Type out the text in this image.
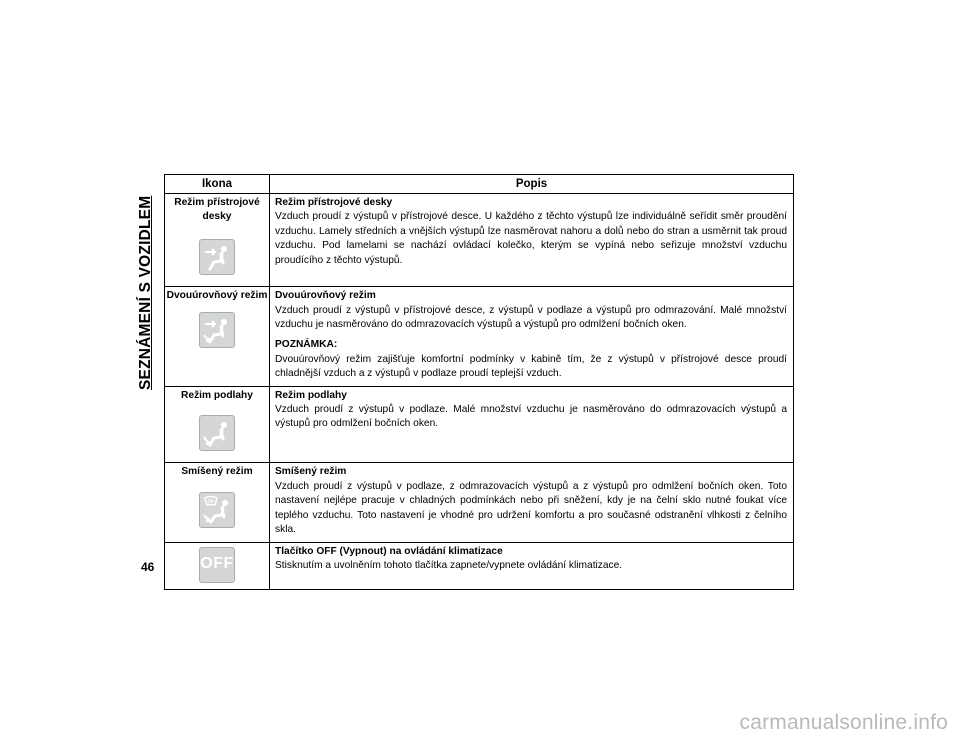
SEZNÁMENÍ S VOZIDLEM
Ikona	Popis

Režim přístrojové desky	Režim přístrojové desky
Vzduch proudí z výstupů v přístrojové desce. U každého z těchto výstupů lze individuálně seřídit směr proudění vzduchu. Lamely středních a vnějších výstupů lze nasměrovat nahoru a dolů nebo do stran a usměrnit tak proud vzduchu. Pod lamelami se nachází ovládací kolečko, kterým se vypíná nebo seřizuje množství vzduchu proudícího z těchto výstupů.

Dvouúrovňový režim	Dvouúrovňový režim
Vzduch proudí z výstupů v přístrojové desce, z výstupů v podlaze a výstupů pro odmrazování. Malé množství vzduchu je nasměrováno do odmrazovacích výstupů a výstupů pro odmlžení bočních oken.
POZNÁMKA:
Dvouúrovňový režim zajišťuje komfortní podmínky v kabině tím, že z výstupů v přístrojové desce proudí chladnější vzduch a z výstupů v podlaze proudí teplejší vzduch.

Režim podlahy	Režim podlahy
Vzduch proudí z výstupů v podlaze. Malé množství vzduchu je nasměrováno do odmrazovacích výstupů a výstupů pro odmlžení bočních oken.

Smíšený režim	Smíšený režim
Vzduch proudí z výstupů v podlaze, z odmrazovacích výstupů a z výstupů pro odmlžení bočních oken. Toto nastavení nejlépe pracuje v chladných podmínkách nebo při sněžení, kdy je na čelní sklo nutné foukat více teplého vzduchu. Toto nastavení je vhodné pro udržení komfortu a pro současné odstranění vlhkosti z čelního skla.

OFF	Tlačítko OFF (Vypnout) na ovládání klimatizace
Stisknutím a uvolněním tohoto tlačítka zapnete/vypnete ovládání klimatizace.
46
carmanualsonline.info
